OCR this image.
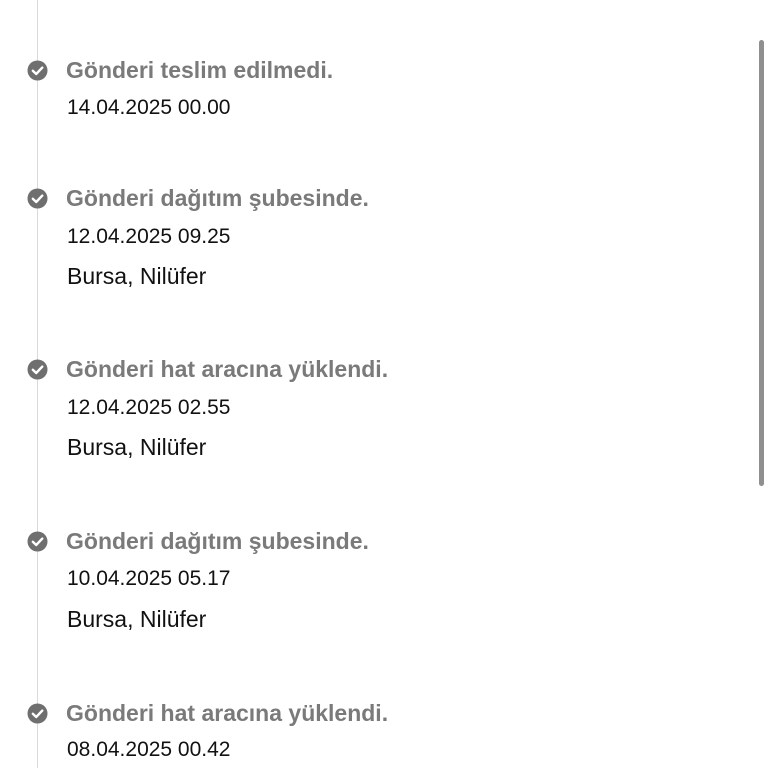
Gönderi teslim edilmedi.
14.04.2025 00.00
Gönderi dağıtım şubesinde.
12.04.2025 09.25
Bursa, Nilüfer
Gönderi hat aracına yüklendi.
12.04.2025 02.55
Bursa, Nilüfer
Gönderi dağıtım şubesinde.
10.04.2025 05.17
Bursa, Nilüfer
Gönderi hat aracına yüklendi.
08.04.2025 00.42
